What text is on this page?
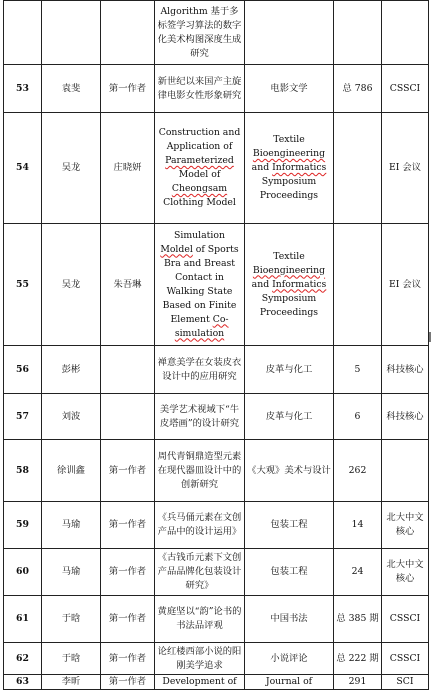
			Algorithm 基于多标签学习算法的数字化美术构图深度生成研究			
53	袁斐	第一作者	新世纪以来国产主旋律电影女性形象研究	电影文学	总 786	CSSCI
54	吴龙	庄晓妍	Construction and Application of Parameterized Model of Cheongsam Clothing Model	Textile Bioengineering and Informatics Symposium Proceedings		EI 会议
55	吴龙	朱吾琳	Simulation Moldel of Sports Bra and Breast Contact in Walking State Based on Finite Element Co-simulation	Textile Bioengineering and Informatics Symposium Proceedings		EI 会议
56	彭彬		禅意美学在女装皮衣设计中的应用研究	皮革与化工	5	科技核心
57	刘波		美学艺术视域下“牛皮塔画”的设计研究	皮革与化工	6	科技核心
58	徐训鑫	第一作者	周代青铜鼎造型元素在现代器皿设计中的创新研究	《大观》美术与设计	262	
59	马瑜	第一作者	《兵马俑元素在文创产品中的设计运用》	包装工程	14	北大中文核心
60	马瑜	第一作者	《古钱币元素下文创产品品牌化包装设计研究》	包装工程	24	北大中文核心
61	于晗	第一作者	黄庭坚以“韵”论书的书法品评观	中国书法	总 385 期	CSSCI
62	于晗	第一作者	论红楼西部小说的阳刚美学追求	小说评论	总 222 期	CSSCI
63	李昕	第一作者	Development of	Journal of	291	SCI
